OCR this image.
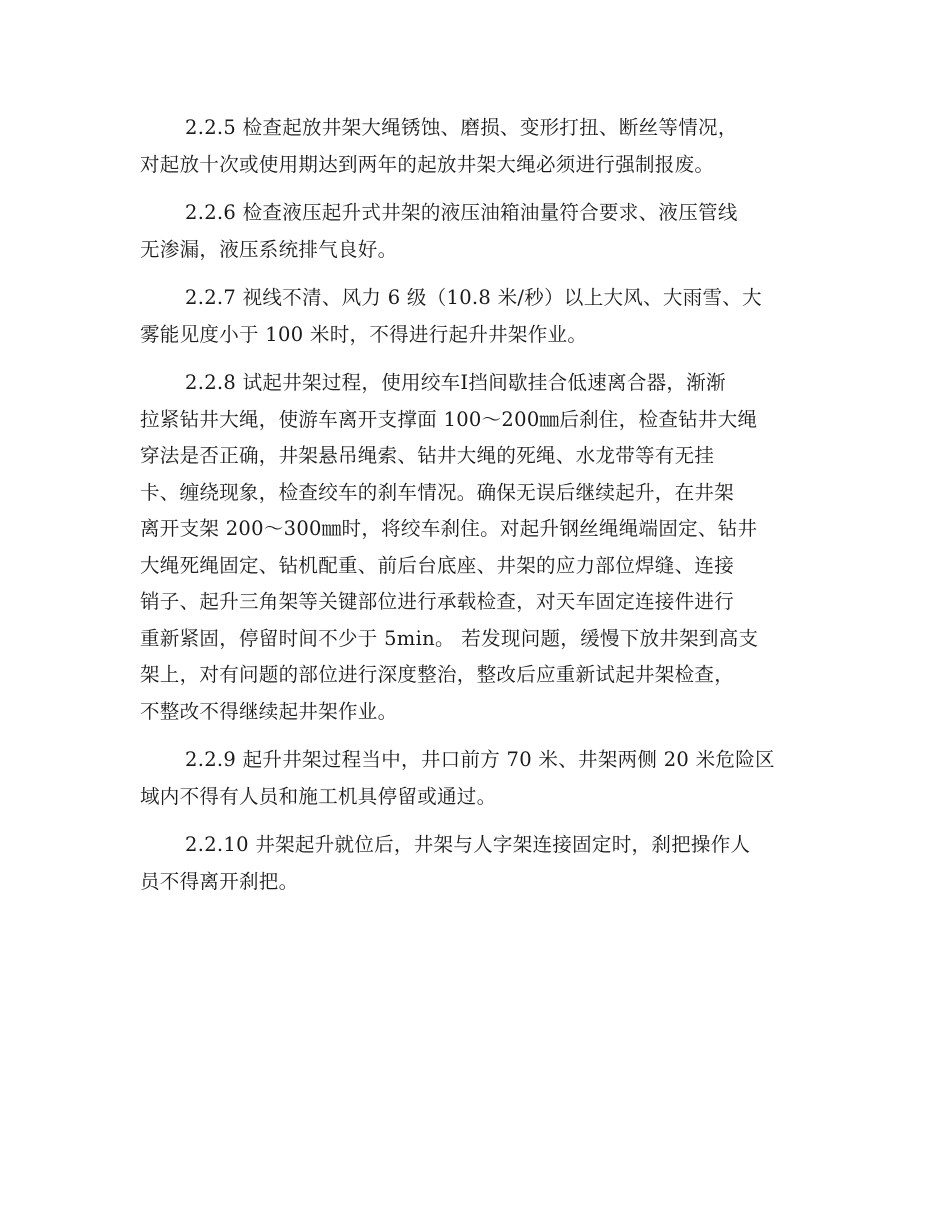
2.2.5 检查起放井架大绳锈蚀、磨损、变形打扭、断丝等情况，
对起放十次或使用期达到两年的起放井架大绳必须进行强制报废。

2.2.6 检查液压起升式井架的液压油箱油量符合要求、液压管线
无渗漏，液压系统排气良好。

2.2.7 视线不清、风力 6 级（10.8 米/秒）以上大风、大雨雪、大
雾能见度小于 100 米时，不得进行起升井架作业。

2.2.8 试起井架过程，使用绞车Ⅰ挡间歇挂合低速离合器，渐渐
拉紧钻井大绳，使游车离开支撑面 100～200㎜后刹住，检查钻井大绳
穿法是否正确，井架悬吊绳索、钻井大绳的死绳、水龙带等有无挂
卡、缠绕现象，检查绞车的刹车情况。确保无误后继续起升，在井架
离开支架 200～300㎜时，将绞车刹住。对起升钢丝绳绳端固定、钻井
大绳死绳固定、钻机配重、前后台底座、井架的应力部位焊缝、连接
销子、起升三角架等关键部位进行承载检查，对天车固定连接件进行
重新紧固，停留时间不少于 5min。 若发现问题，缓慢下放井架到高支
架上，对有问题的部位进行深度整治，整改后应重新试起井架检查，
不整改不得继续起井架作业。

2.2.9 起升井架过程当中，井口前方 70 米、井架两侧 20 米危险区
域内不得有人员和施工机具停留或通过。

2.2.10 井架起升就位后，井架与人字架连接固定时，刹把操作人
员不得离开刹把。
